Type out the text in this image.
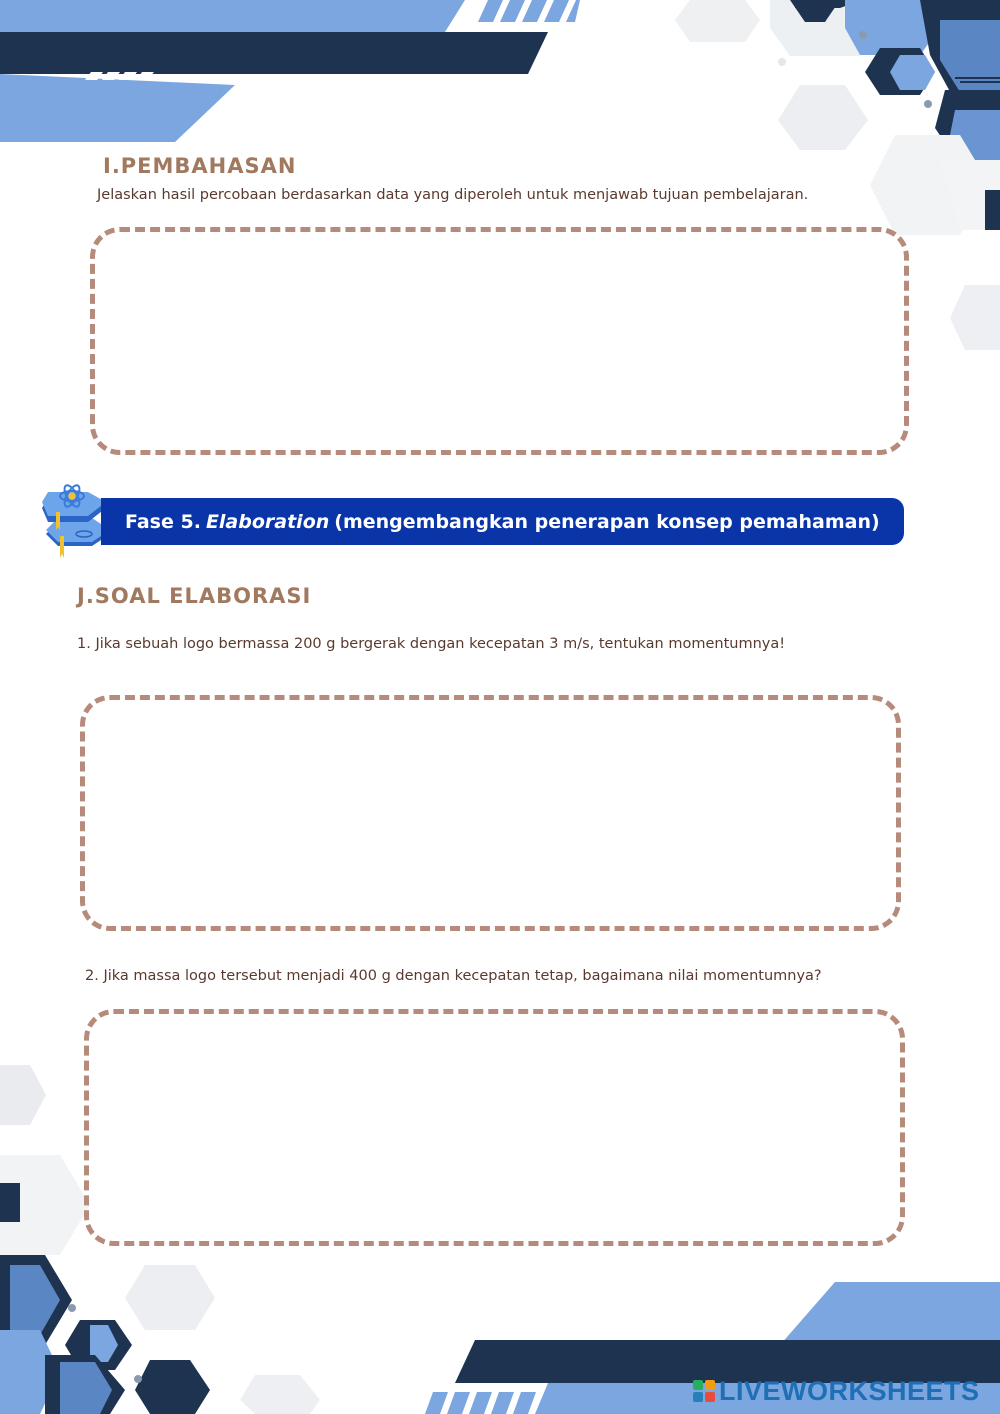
I.PEMBAHASAN
Jelaskan hasil percobaan berdasarkan data yang diperoleh untuk menjawab tujuan pembelajaran.
Fase 5. Elaboration (mengembangkan penerapan konsep pemahaman)
J.SOAL ELABORASI
1. Jika sebuah logo bermassa 200 g bergerak dengan kecepatan 3 m/s, tentukan momentumnya!
2. Jika massa logo tersebut menjadi 400 g dengan kecepatan tetap, bagaimana nilai momentumnya?
LIVEWORKSHEETS
